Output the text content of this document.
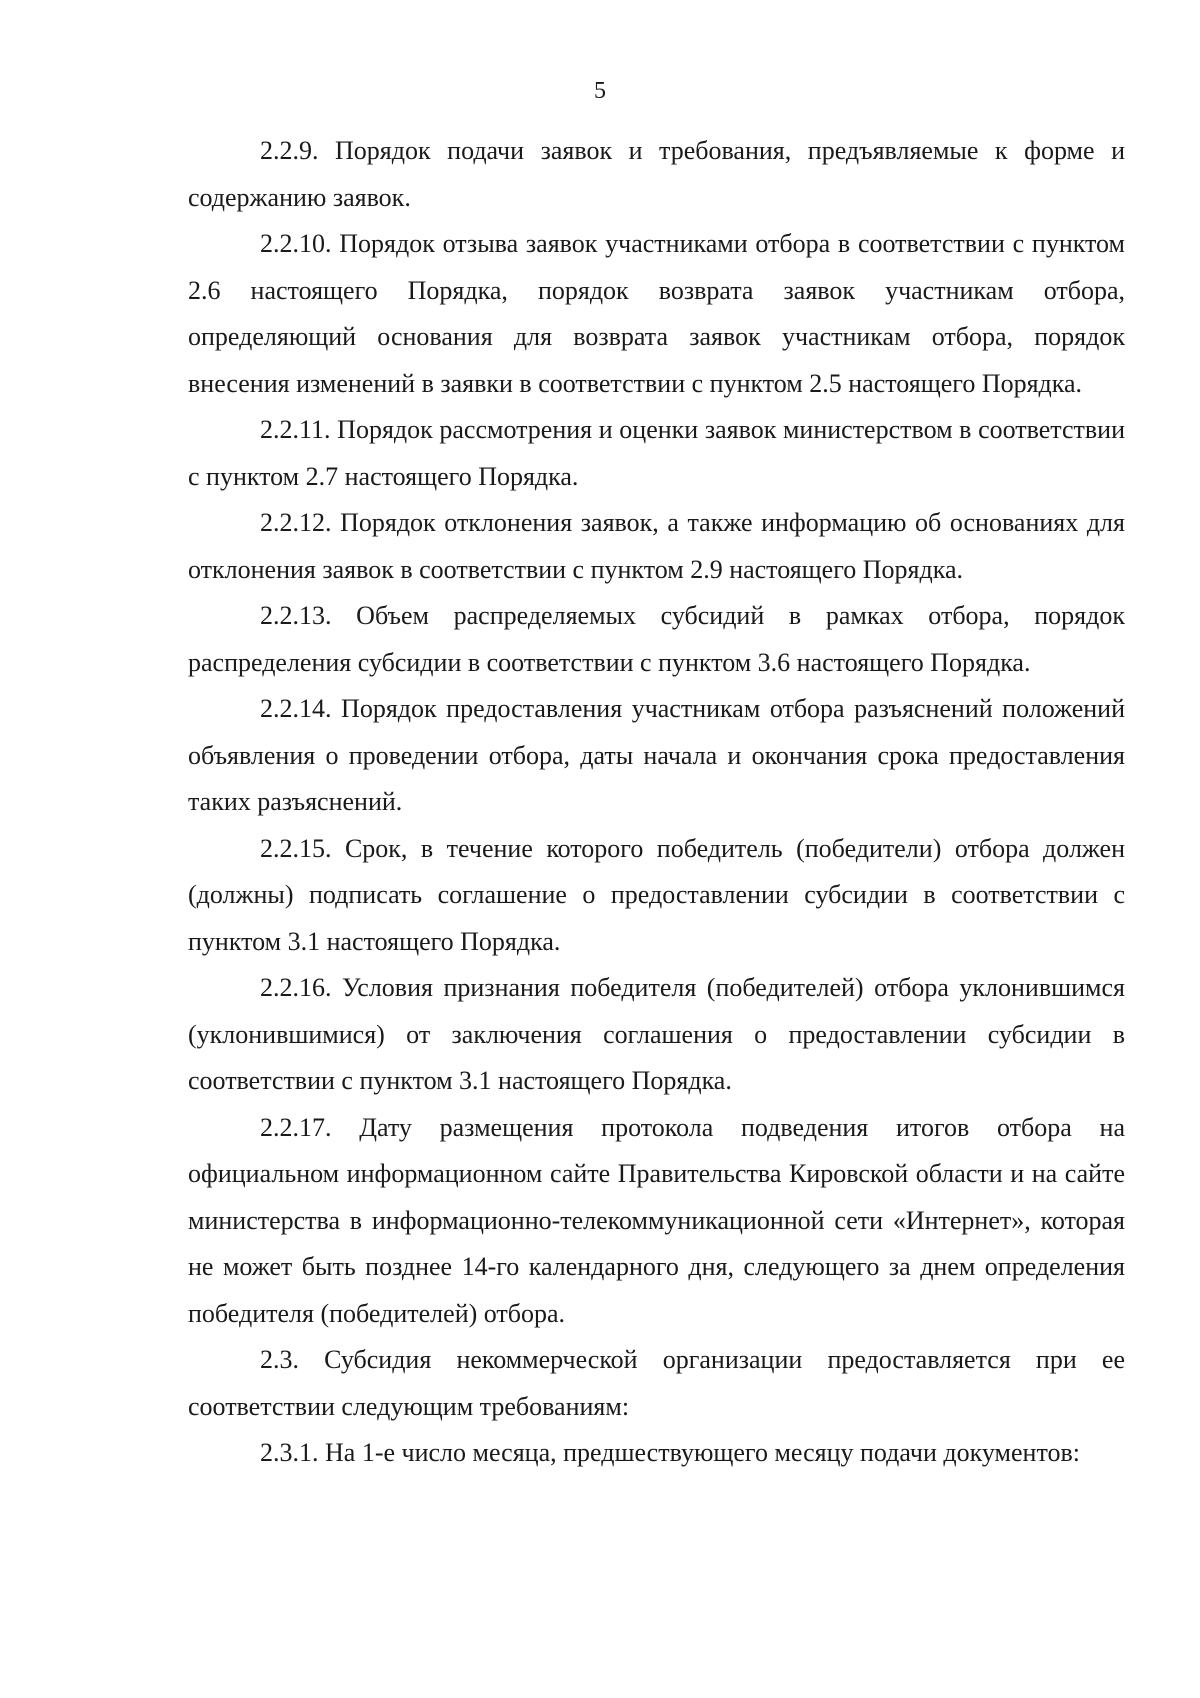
5

2.2.9. Порядок подачи заявок и требования, предъявляемые к форме и содержанию заявок.

2.2.10. Порядок отзыва заявок участниками отбора в соответствии с пунктом 2.6 настоящего Порядка, порядок возврата заявок участникам отбора, определяющий основания для возврата заявок участникам отбора, порядок внесения изменений в заявки в соответствии с пунктом 2.5 настоящего Порядка.

2.2.11. Порядок рассмотрения и оценки заявок министерством в соответствии с пунктом 2.7 настоящего Порядка.

2.2.12. Порядок отклонения заявок, а также информацию об основаниях для отклонения заявок в соответствии с пунктом 2.9 настоящего Порядка.

2.2.13. Объем распределяемых субсидий в рамках отбора, порядок распределения субсидии в соответствии с пунктом 3.6 настоящего Порядка.

2.2.14. Порядок предоставления участникам отбора разъяснений положений объявления о проведении отбора, даты начала и окончания срока предоставления таких разъяснений.

2.2.15. Срок, в течение которого победитель (победители) отбора должен (должны) подписать соглашение о предоставлении субсидии в соответствии с пунктом 3.1 настоящего Порядка.

2.2.16. Условия признания победителя (победителей) отбора уклонившимся (уклонившимися) от заключения соглашения о предоставлении субсидии в соответствии с пунктом 3.1 настоящего Порядка.

2.2.17. Дату размещения протокола подведения итогов отбора на официальном информационном сайте Правительства Кировской области и на сайте министерства в информационно-телекоммуникационной сети «Интернет», которая не может быть позднее 14-го календарного дня, следующего за днем определения победителя (победителей) отбора.

2.3. Субсидия некоммерческой организации предоставляется при ее соответствии следующим требованиям:

2.3.1. На 1-е число месяца, предшествующего месяцу подачи документов:
